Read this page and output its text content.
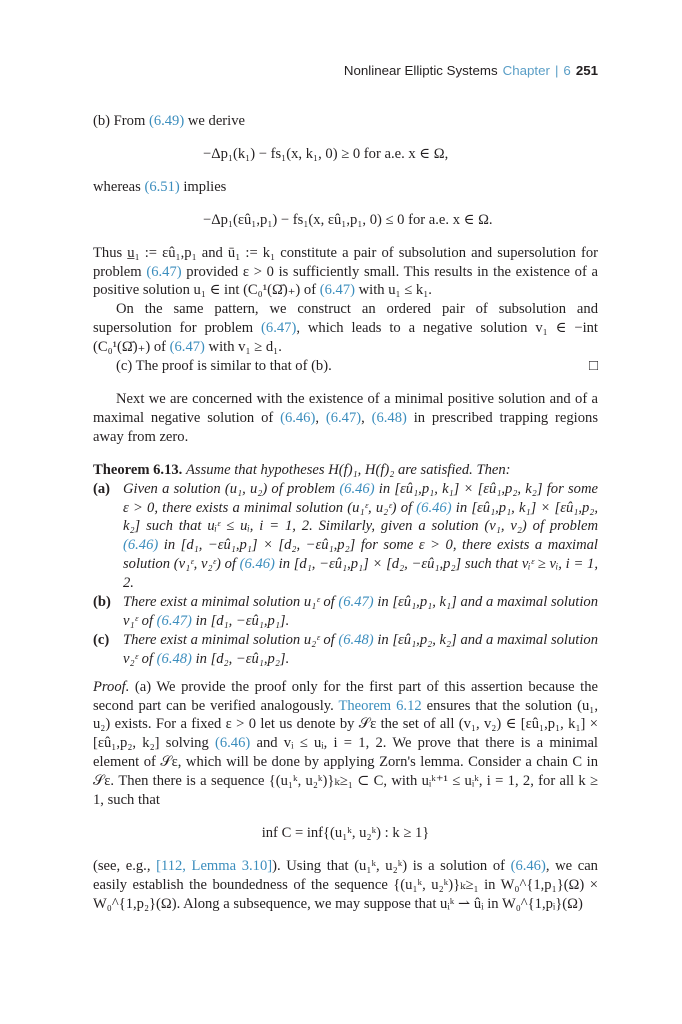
Nonlinear Elliptic Systems Chapter | 6 251

(b) From (6.49) we derive

−Δp₁(k₁) − fs₁(x, k₁, 0) ≥ 0 for a.e. x ∈ Ω,

whereas (6.51) implies

−Δp₁(εû₁,p₁) − fs₁(x, εû₁,p₁, 0) ≤ 0 for a.e. x ∈ Ω.

Thus u̲₁ := εû₁,p₁ and ū₁ := k₁ constitute a pair of subsolution and supersolution for problem (6.47) provided ε > 0 is sufficiently small. This results in the existence of a positive solution u₁ ∈ int (C₀¹(Ω̄)₊) of (6.47) with u₁ ≤ k₁.

On the same pattern, we construct an ordered pair of subsolution and supersolution for problem (6.47), which leads to a negative solution v₁ ∈ −int (C₀¹(Ω̄)₊) of (6.47) with v₁ ≥ d₁.

(c) The proof is similar to that of (b).	□

Next we are concerned with the existence of a minimal positive solution and of a maximal negative solution of (6.46), (6.47), (6.48) in prescribed trapping regions away from zero.

Theorem 6.13. Assume that hypotheses H(f)₁, H(f)₂ are satisfied. Then:

(a) Given a solution (u₁, u₂) of problem (6.46) in [εû₁,p₁, k₁] × [εû₁,p₂, k₂] for some ε > 0, there exists a minimal solution (u₁ᵋ, u₂ᵋ) of (6.46) in [εû₁,p₁, k₁] × [εû₁,p₂, k₂] such that uᵢᵋ ≤ uᵢ, i = 1, 2. Similarly, given a solution (v₁, v₂) of problem (6.46) in [d₁, −εû₁,p₁] × [d₂, −εû₁,p₂] for some ε > 0, there exists a maximal solution (v₁ᵋ, v₂ᵋ) of (6.46) in [d₁, −εû₁,p₁] × [d₂, −εû₁,p₂] such that vᵢᵋ ≥ vᵢ, i = 1, 2.
(b) There exist a minimal solution u₁ᵋ of (6.47) in [εû₁,p₁, k₁] and a maximal solution v₁ᵋ of (6.47) in [d₁, −εû₁,p₁].
(c) There exist a minimal solution u₂ᵋ of (6.48) in [εû₁,p₂, k₂] and a maximal solution v₂ᵋ of (6.48) in [d₂, −εû₁,p₂].

Proof. (a) We provide the proof only for the first part of this assertion because the second part can be verified analogously. Theorem 6.12 ensures that the solution (u₁, u₂) exists. For a fixed ε > 0 let us denote by 𝒮ε the set of all (v₁, v₂) ∈ [εû₁,p₁, k₁] × [εû₁,p₂, k₂] solving (6.46) and vᵢ ≤ uᵢ, i = 1, 2. We prove that there is a minimal element of 𝒮ε, which will be done by applying Zorn's lemma. Consider a chain C in 𝒮ε. Then there is a sequence {(u₁ᵏ, u₂ᵏ)}ₖ≥₁ ⊂ C, with uᵢᵏ⁺¹ ≤ uᵢᵏ, i = 1, 2, for all k ≥ 1, such that

inf C = inf{(u₁ᵏ, u₂ᵏ) : k ≥ 1}

(see, e.g., [112, Lemma 3.10]). Using that (u₁ᵏ, u₂ᵏ) is a solution of (6.46), we can easily establish the boundedness of the sequence {(u₁ᵏ, u₂ᵏ)}ₖ≥₁ in W₀^{1,p₁}(Ω) × W₀^{1,p₂}(Ω). Along a subsequence, we may suppose that uᵢᵏ ⇀ ûᵢ in W₀^{1,pᵢ}(Ω)
